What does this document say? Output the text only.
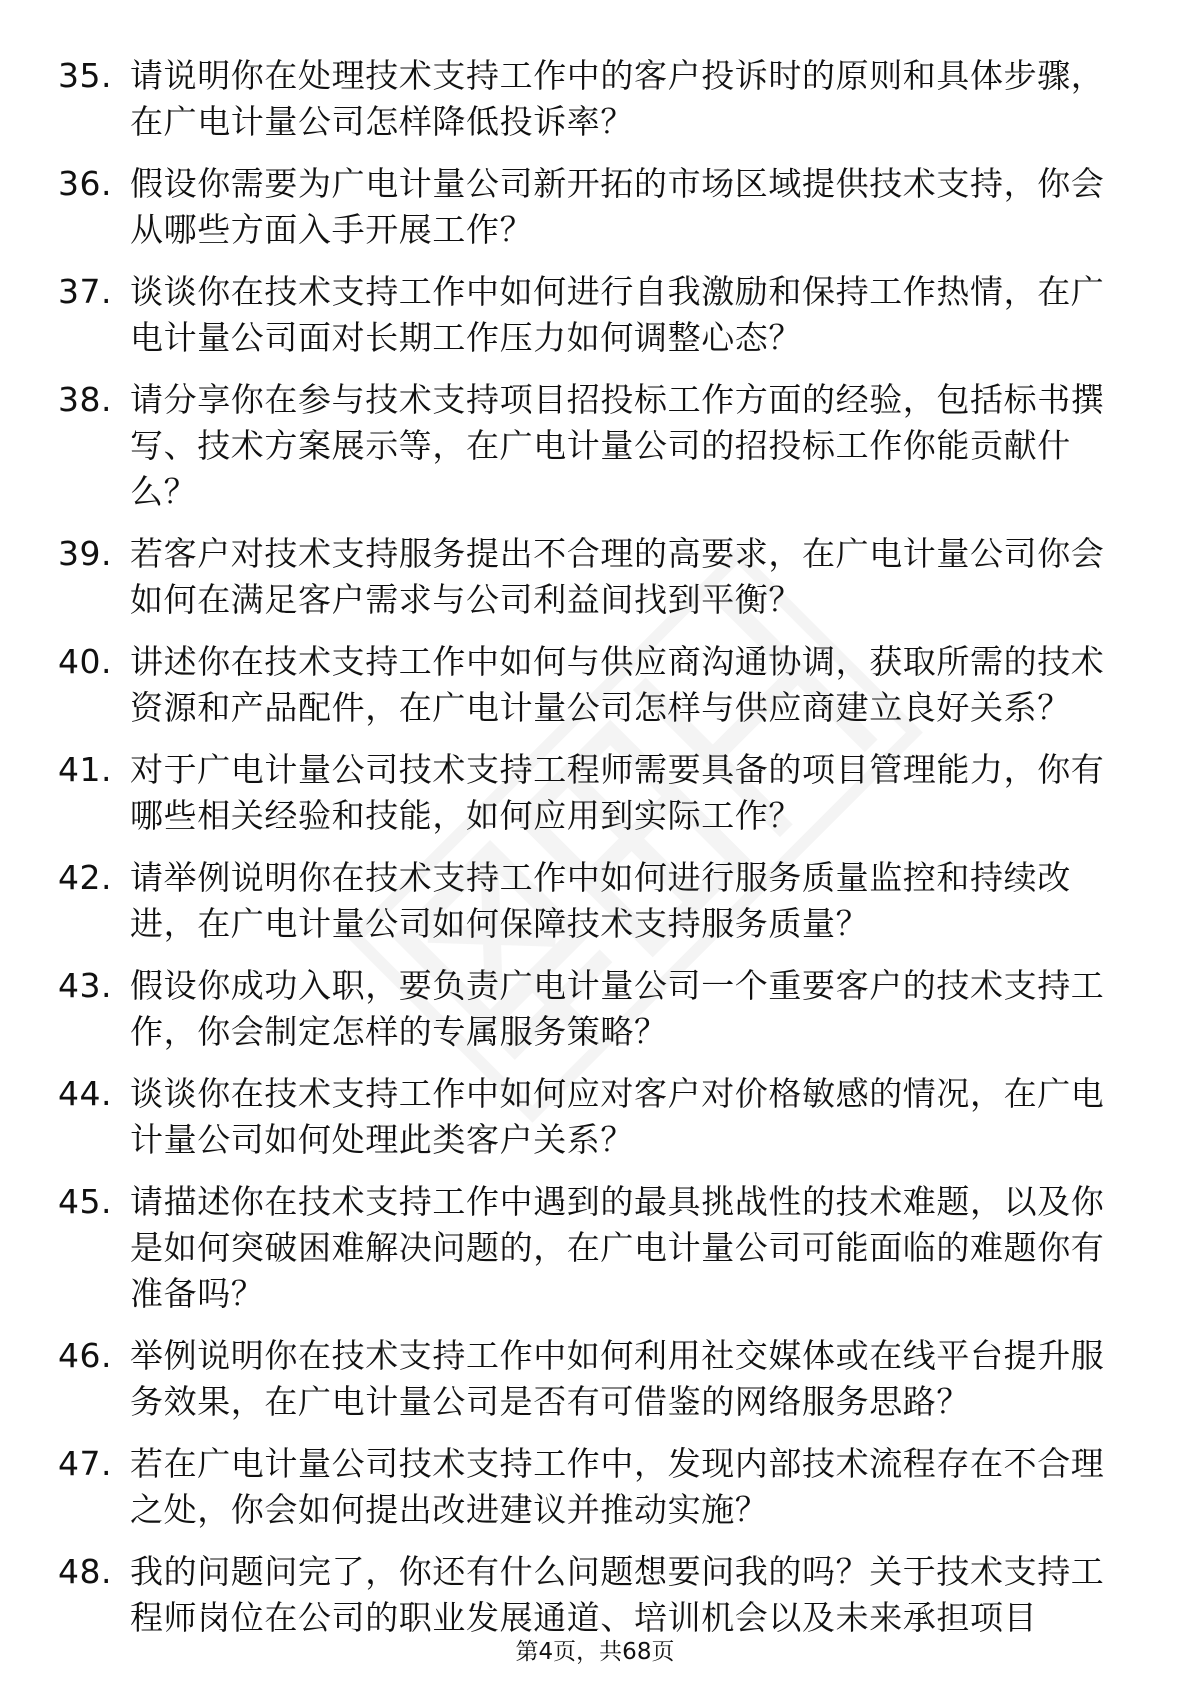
35. 请说明你在处理技术支持工作中的客户投诉时的原则和具体步骤，在广电计量公司怎样降低投诉率？
36. 假设你需要为广电计量公司新开拓的市场区域提供技术支持，你会从哪些方面入手开展工作？
37. 谈谈你在技术支持工作中如何进行自我激励和保持工作热情，在广电计量公司面对长期工作压力如何调整心态？
38. 请分享你在参与技术支持项目招投标工作方面的经验，包括标书撰写、技术方案展示等，在广电计量公司的招投标工作你能贡献什么？
39. 若客户对技术支持服务提出不合理的高要求，在广电计量公司你会如何在满足客户需求与公司利益间找到平衡？
40. 讲述你在技术支持工作中如何与供应商沟通协调，获取所需的技术资源和产品配件，在广电计量公司怎样与供应商建立良好关系？
41. 对于广电计量公司技术支持工程师需要具备的项目管理能力，你有哪些相关经验和技能，如何应用到实际工作？
42. 请举例说明你在技术支持工作中如何进行服务质量监控和持续改进，在广电计量公司如何保障技术支持服务质量？
43. 假设你成功入职，要负责广电计量公司一个重要客户的技术支持工作，你会制定怎样的专属服务策略？
44. 谈谈你在技术支持工作中如何应对客户对价格敏感的情况，在广电计量公司如何处理此类客户关系？
45. 请描述你在技术支持工作中遇到的最具挑战性的技术难题，以及你是如何突破困难解决问题的，在广电计量公司可能面临的难题你有准备吗？
46. 举例说明你在技术支持工作中如何利用社交媒体或在线平台提升服务效果，在广电计量公司是否有可借鉴的网络服务思路？
47. 若在广电计量公司技术支持工作中，发现内部技术流程存在不合理之处，你会如何提出改进建议并推动实施？
48. 我的问题问完了，你还有什么问题想要问我的吗？关于技术支持工程师岗位在公司的职业发展通道、培训机会以及未来承担项目
第4页，共68页
